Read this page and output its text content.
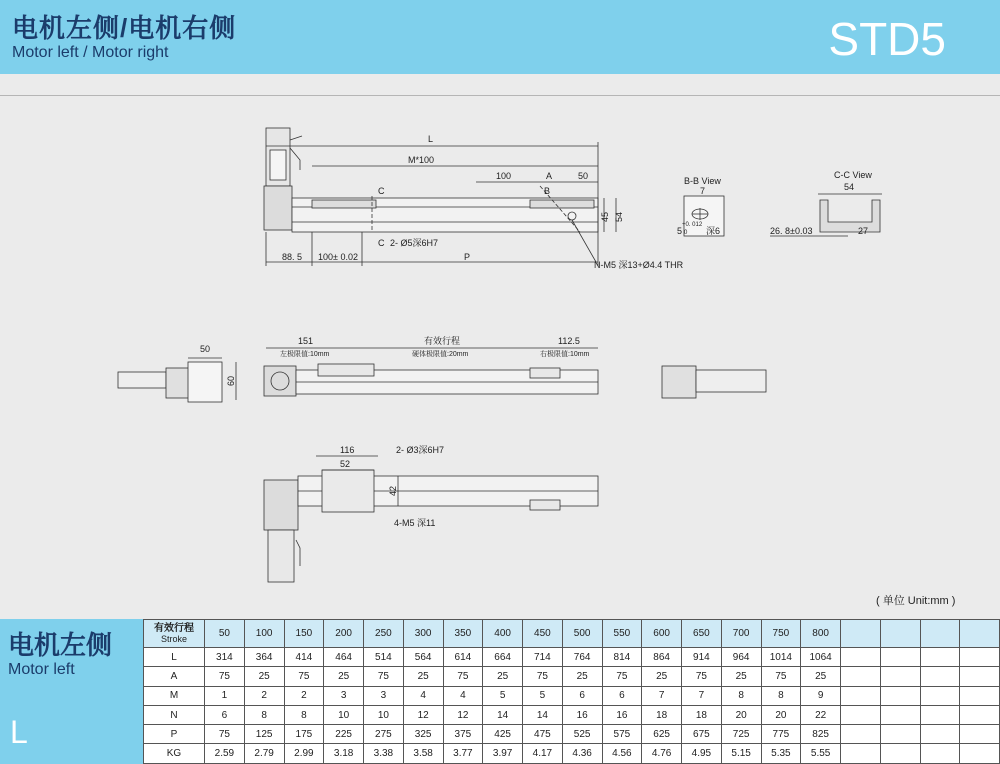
电机左侧/电机右侧
Motor left / Motor right	STD5
L
M*100
100	A	50
C	B
C 2- Ø5深6H7
45 54
88. 5 100± 0.02	P
N-M5 深13+Ø4.4 THR
B-B View
7
+0. 012
0
5	深6
C-C View
54
26. 8±0.03	27
50
60
151	有效行程	112.5
左极限值:10mm	硬体极限值:20mm	右极限值:10mm
116	2- Ø3深6H7
52
42
4-M5 深11
( 单位 Unit:mm )
电机左侧
Motor left
L
有效行程
Stroke	50	100	150	200	250	300	350	400	450	500	550	600	650	700	750	800				
L	314	364	414	464	514	564	614	664	714	764	814	864	914	964	1014	1064				
A	75	25	75	25	75	25	75	25	75	25	75	25	75	25	75	25				
M	1	2	2	3	3	4	4	5	5	6	6	7	7	8	8	9				
N	6	8	8	10	10	12	12	14	14	16	16	18	18	20	20	22				
P	75	125	175	225	275	325	375	425	475	525	575	625	675	725	775	825				
KG	2.59	2.79	2.99	3.18	3.38	3.58	3.77	3.97	4.17	4.36	4.56	4.76	4.95	5.15	5.35	5.55				
